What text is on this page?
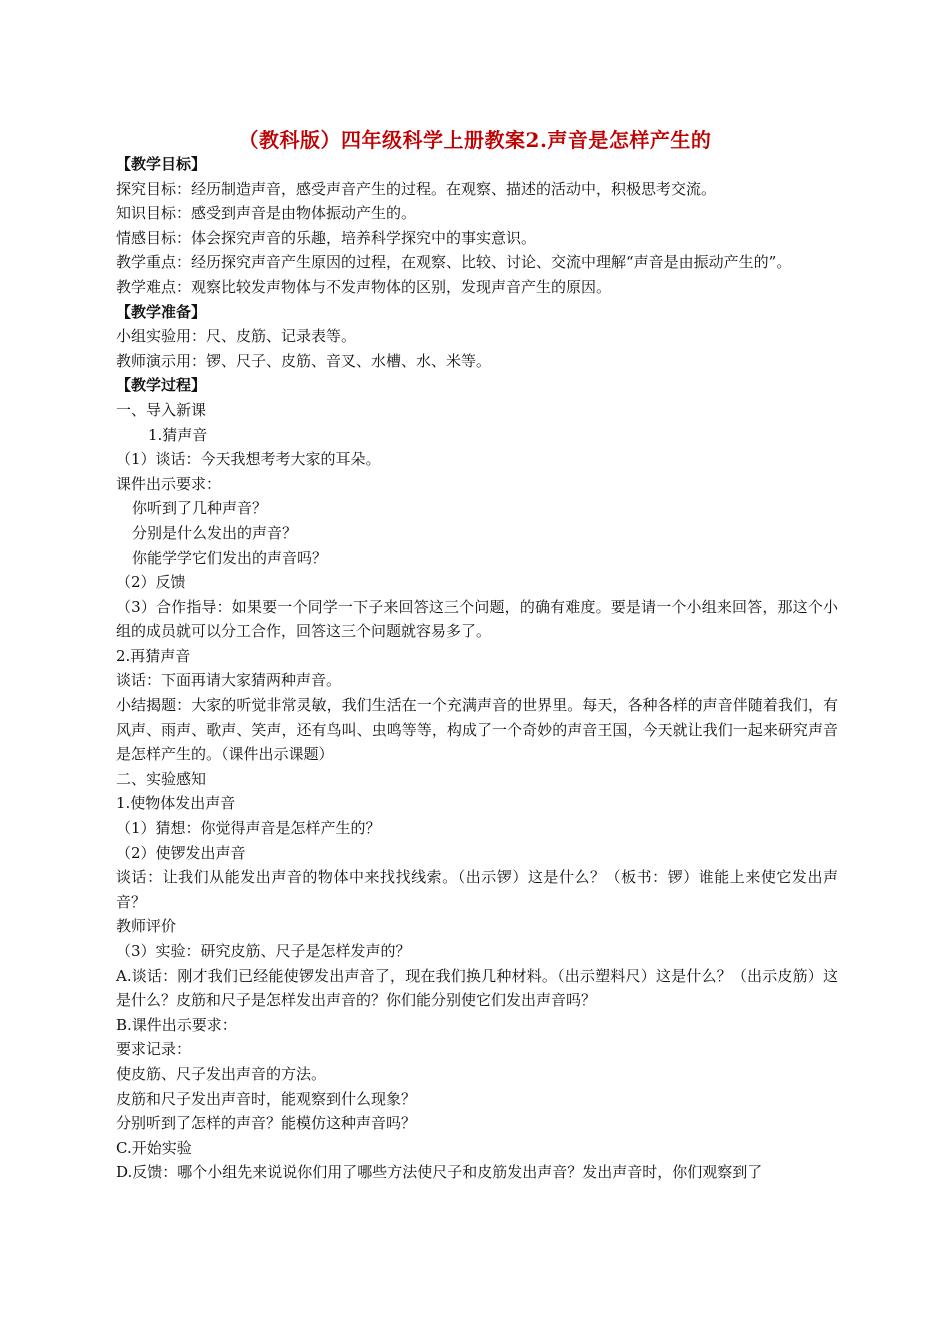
（教科版）四年级科学上册教案2.声音是怎样产生的

【教学目标】

探究目标：经历制造声音，感受声音产生的过程。在观察、描述的活动中，积极思考交流。

知识目标：感受到声音是由物体振动产生的。

情感目标：体会探究声音的乐趣，培养科学探究中的事实意识。

教学重点：经历探究声音产生原因的过程，在观察、比较、讨论、交流中理解“声音是由振动产生的”。

教学难点：观察比较发声物体与不发声物体的区别，发现声音产生的原因。

【教学准备】

小组实验用：尺、皮筋、记录表等。

教师演示用：锣、尺子、皮筋、音叉、水槽、水、米等。

【教学过程】

一、导入新课

1.猜声音

（1）谈话：今天我想考考大家的耳朵。

课件出示要求：

你听到了几种声音？

分别是什么发出的声音？

你能学学它们发出的声音吗？

（2）反馈

（3）合作指导：如果要一个同学一下子来回答这三个问题，的确有难度。要是请一个小组来回答，那这个小组的成员就可以分工合作，回答这三个问题就容易多了。

2.再猜声音

谈话：下面再请大家猜两种声音。

小结揭题：大家的听觉非常灵敏，我们生活在一个充满声音的世界里。每天，各种各样的声音伴随着我们，有风声、雨声、歌声、笑声，还有鸟叫、虫鸣等等，构成了一个奇妙的声音王国，今天就让我们一起来研究声音是怎样产生的。（课件出示课题）

二、实验感知

1.使物体发出声音

（1）猜想：你觉得声音是怎样产生的？

（2）使锣发出声音

谈话：让我们从能发出声音的物体中来找找线索。（出示锣）这是什么？（板书：锣）谁能上来使它发出声音？

教师评价

（3）实验：研究皮筋、尺子是怎样发声的？

A.谈话：刚才我们已经能使锣发出声音了，现在我们换几种材料。（出示塑料尺）这是什么？（出示皮筋）这是什么？皮筋和尺子是怎样发出声音的？你们能分别使它们发出声音吗？

B.课件出示要求：

要求记录：

使皮筋、尺子发出声音的方法。

皮筋和尺子发出声音时，能观察到什么现象？

分别听到了怎样的声音？能模仿这种声音吗？

C.开始实验

D.反馈：哪个小组先来说说你们用了哪些方法使尺子和皮筋发出声音？发出声音时，你们观察到了
